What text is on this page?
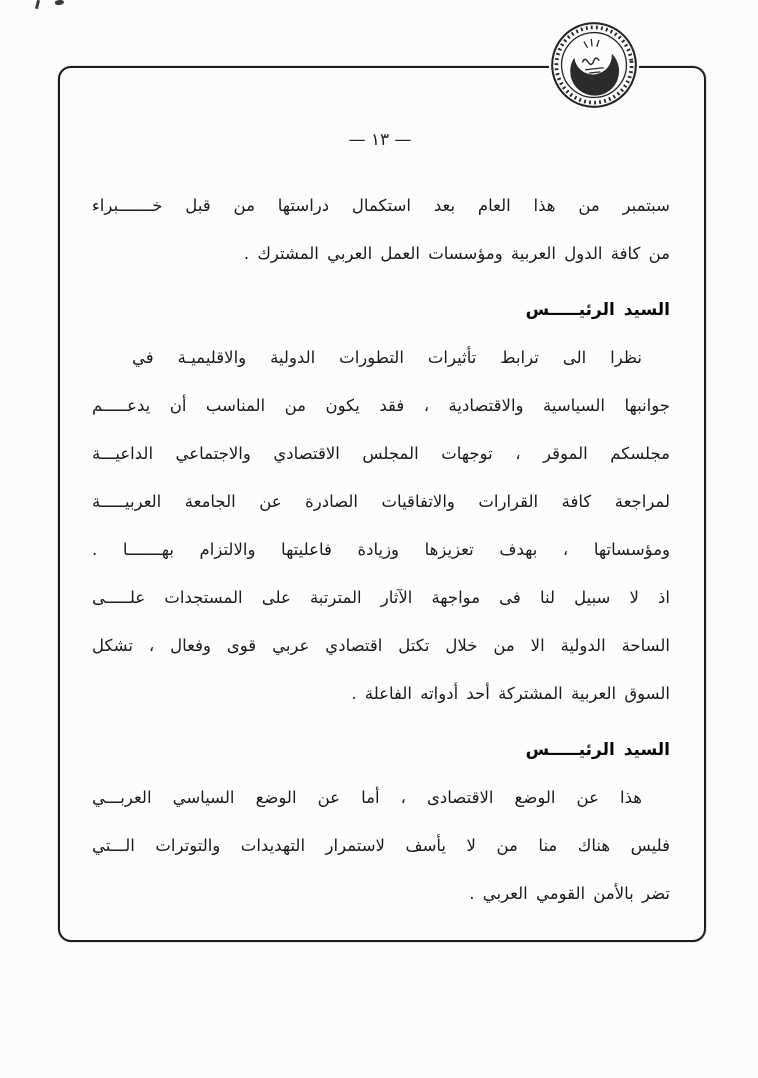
— ١٣ —

سبتمبر من هذا العام بعد استكمال دراستها من قبل خـــــــبراء

من كافة الدول العربية ومؤسسات العمل العربي المشترك .

السيد الرئيـــــس

نظرا الى ترابط تأثيرات التطورات الدولية والاقليميـة في

جوانبها السياسية والاقتصادية ، فقد يكون من المناسب أن يدعـــــم

مجلسكم الموقر ، توجهات المجلس الاقتصادي والاجتماعي الداعيـــة

لمراجعة كافة القرارات والاتفاقيات الصادرة عن الجامعة العربيـــــة

ومؤسساتها ، بهدف تعزيزها وزيادة فاعليتها والالتزام بهـــــــا .

اذ لا سبيل لنا فى مواجهة الآثار المترتبة على المستجدات علـــــى

الساحة الدولية الا من خلال تكتل اقتصادي عربي قوى وفعال ، تشكل

السوق العربية المشتركة أحد أدواته الفاعلة .

السيد الرئيـــــس

هذا عن الوضع الاقتصادى ، أما عن الوضع السياسي العربـــي

فليس هناك منا من لا يأسف لاستمرار التهديدات والتوترات الـــتي

تضر بالأمن القومي العربي .
